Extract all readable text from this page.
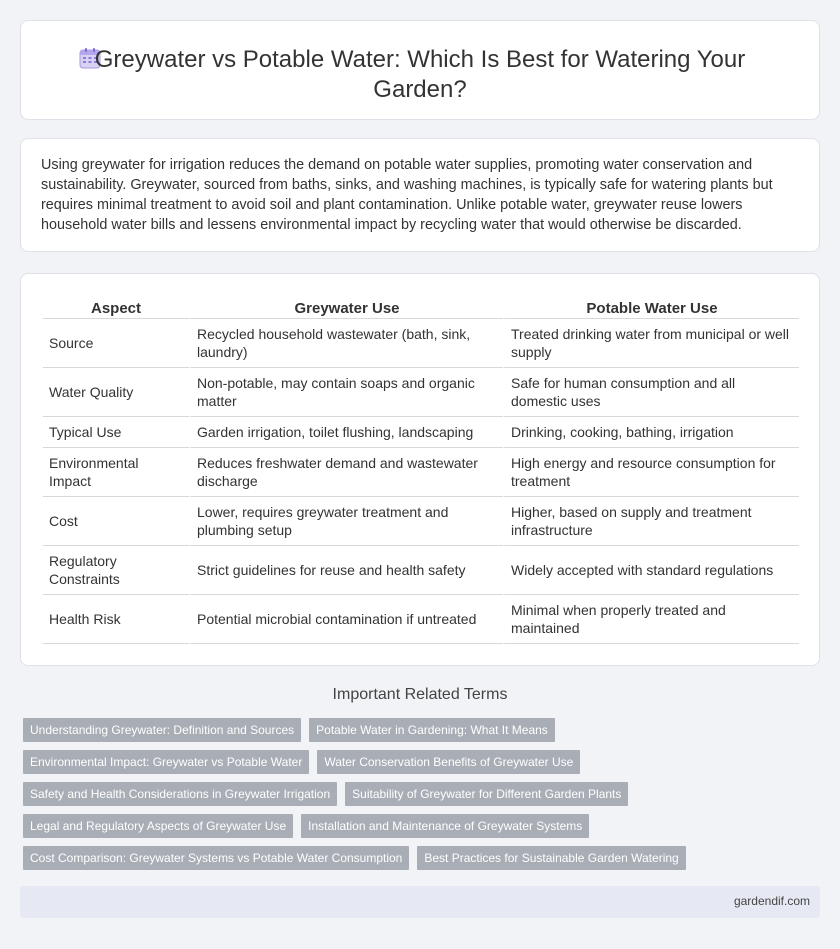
Greywater vs Potable Water: Which Is Best for Watering Your Garden?

Using greywater for irrigation reduces the demand on potable water supplies, promoting water conservation and sustainability. Greywater, sourced from baths, sinks, and washing machines, is typically safe for watering plants but requires minimal treatment to avoid soil and plant contamination. Unlike potable water, greywater reuse lowers household water bills and lessens environmental impact by recycling water that would otherwise be discarded.

Aspect	Greywater Use	Potable Water Use
Source	Recycled household wastewater (bath, sink, laundry)	Treated drinking water from municipal or well supply
Water Quality	Non-potable, may contain soaps and organic matter	Safe for human consumption and all domestic uses
Typical Use	Garden irrigation, toilet flushing, landscaping	Drinking, cooking, bathing, irrigation
Environmental Impact	Reduces freshwater demand and wastewater discharge	High energy and resource consumption for treatment
Cost	Lower, requires greywater treatment and plumbing setup	Higher, based on supply and treatment infrastructure
Regulatory Constraints	Strict guidelines for reuse and health safety	Widely accepted with standard regulations
Health Risk	Potential microbial contamination if untreated	Minimal when properly treated and maintained
Important Related Terms
Understanding Greywater: Definition and Sources	Potable Water in Gardening: What It Means
Environmental Impact: Greywater vs Potable Water	Water Conservation Benefits of Greywater Use
Safety and Health Considerations in Greywater Irrigation	Suitability of Greywater for Different Garden Plants
Legal and Regulatory Aspects of Greywater Use	Installation and Maintenance of Greywater Systems
Cost Comparison: Greywater Systems vs Potable Water Consumption	Best Practices for Sustainable Garden Watering
gardendif.com
